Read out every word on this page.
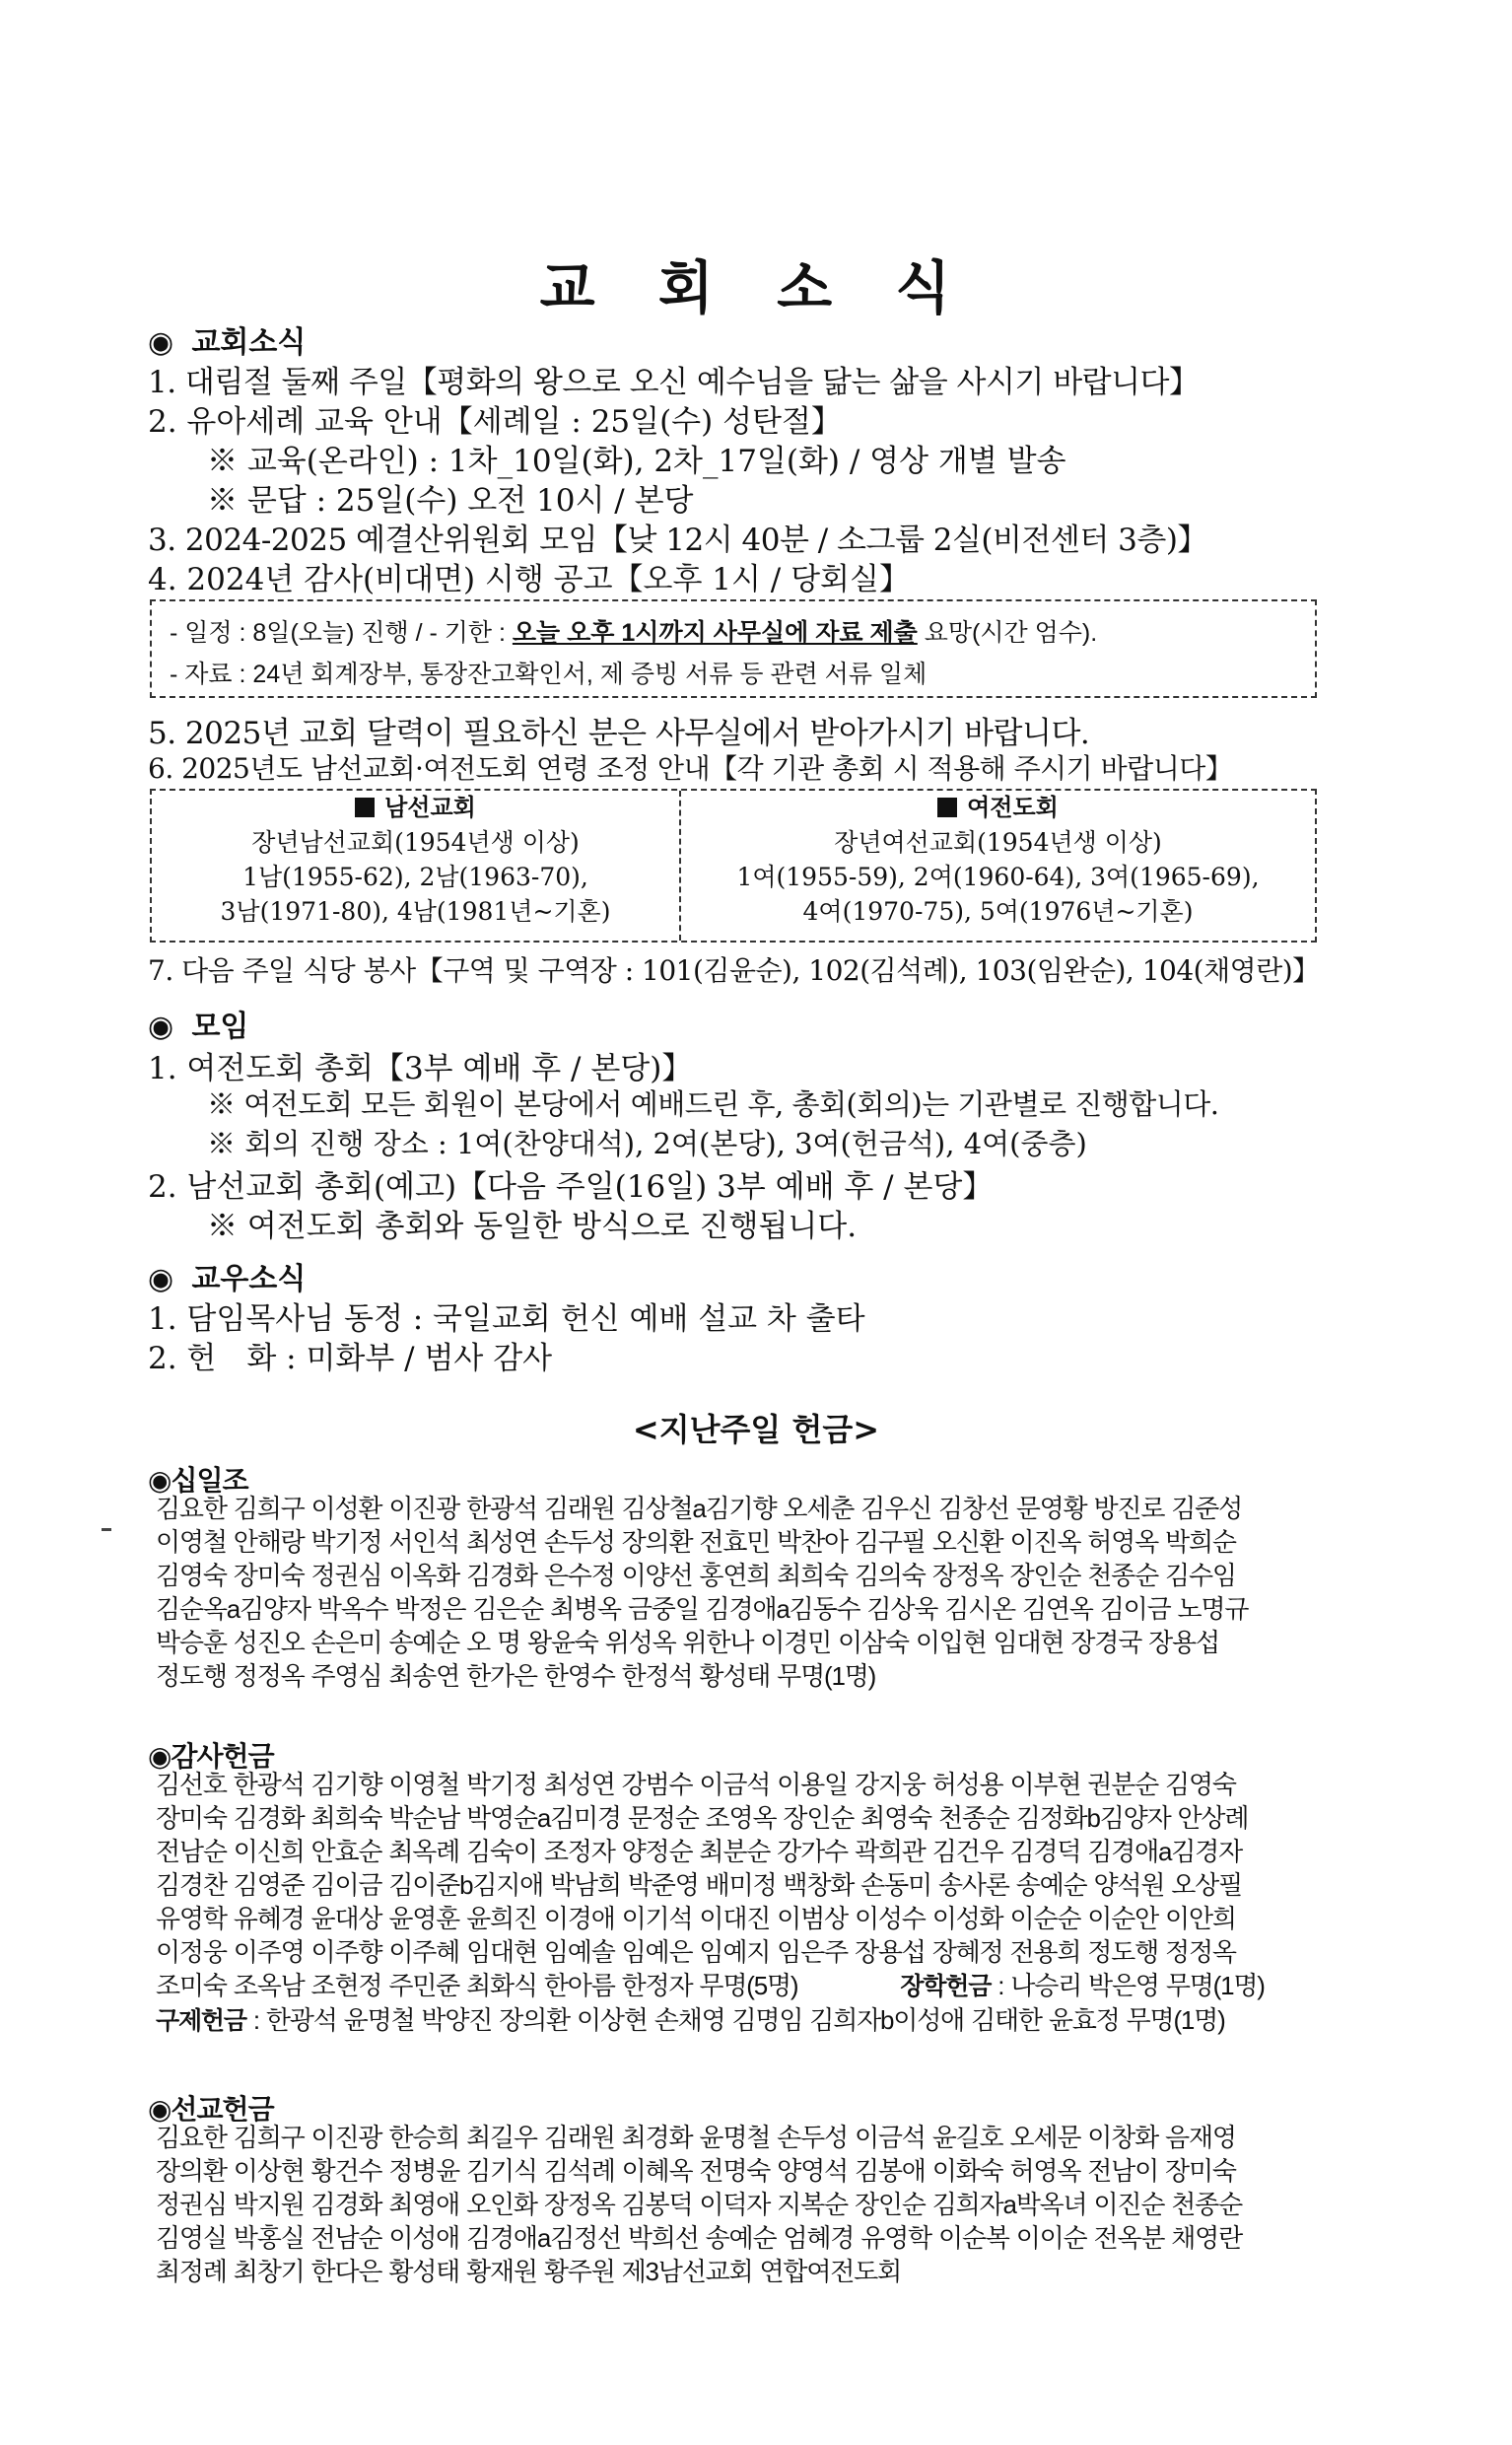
교 회 소 식
◉ 교회소식
1. 대림절 둘째 주일【평화의 왕으로 오신 예수님을 닮는 삶을 사시기 바랍니다】
2. 유아세례 교육 안내【세례일 : 25일(수) 성탄절】
※ 교육(온라인) : 1차_10일(화), 2차_17일(화) / 영상 개별 발송
※ 문답 : 25일(수) 오전 10시 / 본당
3. 2024-2025 예결산위원회 모임【낮 12시 40분 / 소그룹 2실(비전센터 3층)】
4. 2024년 감사(비대면) 시행 공고【오후 1시 / 당회실】
- 일정 : 8일(오늘) 진행 / - 기한 : 오늘 오후 1시까지 사무실에 자료 제출 요망(시간 엄수).
- 자료 : 24년 회계장부, 통장잔고확인서, 제 증빙 서류 등 관련 서류 일체
5. 2025년 교회 달력이 필요하신 분은 사무실에서 받아가시기 바랍니다.
6. 2025년도 남선교회·여전도회 연령 조정 안내【각 기관 총회 시 적용해 주시기 바랍니다】
남선교회
장년남선교회(1954년생 이상)
1남(1955-62), 2남(1963-70),
3남(1971-80), 4남(1981년~기혼)
여전도회
장년여선교회(1954년생 이상)
1여(1955-59), 2여(1960-64), 3여(1965-69),
4여(1970-75), 5여(1976년~기혼)
7. 다음 주일 식당 봉사【구역 및 구역장 : 101(김윤순), 102(김석례), 103(임완순), 104(채영란)】
◉ 모임
1. 여전도회 총회【3부 예배 후 / 본당)】
※ 여전도회 모든 회원이 본당에서 예배드린 후, 총회(회의)는 기관별로 진행합니다.
※ 회의 진행 장소 : 1여(찬양대석), 2여(본당), 3여(헌금석), 4여(중층)
2. 남선교회 총회(예고)【다음 주일(16일) 3부 예배 후 / 본당】
※ 여전도회 총회와 동일한 방식으로 진행됩니다.
◉ 교우소식
1. 담임목사님 동정 : 국일교회 헌신 예배 설교 차 출타
2. 헌　화 : 미화부 / 범사 감사
<지난주일 헌금>
◉십일조
김요한 김희구 이성환 이진광 한광석 김래원 김상철a김기향 오세춘 김우신 김창선 문영황 방진로 김준성
이영철 안해랑 박기정 서인석 최성연 손두성 장의환 전효민 박찬아 김구필 오신환 이진옥 허영옥 박희순
김영숙 장미숙 정권심 이옥화 김경화 은수정 이양선 홍연희 최희숙 김의숙 장정옥 장인순 천종순 김수임
김순옥a김양자 박옥수 박정은 김은순 최병옥 금중일 김경애a김동수 김상욱 김시온 김연옥 김이금 노명규
박승훈 성진오 손은미 송예순 오 명 왕윤숙 위성옥 위한나 이경민 이삼숙 이입현 임대현 장경국 장용섭
정도행 정정옥 주영심 최송연 한가은 한영수 한정석 황성태 무명(1명)
◉감사헌금
김선호 한광석 김기향 이영철 박기정 최성연 강범수 이금석 이용일 강지웅 허성용 이부현 권분순 김영숙
장미숙 김경화 최희숙 박순남 박영순a김미경 문정순 조영옥 장인순 최영숙 천종순 김정화b김양자 안상례
전남순 이신희 안효순 최옥례 김숙이 조정자 양정순 최분순 강가수 곽희관 김건우 김경덕 김경애a김경자
김경찬 김영준 김이금 김이준b김지애 박남희 박준영 배미정 백창화 손동미 송사론 송예순 양석원 오상필
유영학 유혜경 윤대상 윤영훈 윤희진 이경애 이기석 이대진 이범상 이성수 이성화 이순순 이순안 이안희
이정웅 이주영 이주향 이주혜 임대현 임예솔 임예은 임예지 임은주 장용섭 장혜정 전용희 정도행 정정옥
조미숙 조옥남 조현정 주민준 최화식 한아름 한정자 무명(5명)	장학헌금 : 나승리 박은영 무명(1명)
구제헌금 : 한광석 윤명철 박양진 장의환 이상현 손채영 김명임 김희자b이성애 김태한 윤효정 무명(1명)
◉선교헌금
김요한 김희구 이진광 한승희 최길우 김래원 최경화 윤명철 손두성 이금석 윤길호 오세문 이창화 음재영
장의환 이상현 황건수 정병윤 김기식 김석례 이혜옥 전명숙 양영석 김봉애 이화숙 허영옥 전남이 장미숙
정권심 박지원 김경화 최영애 오인화 장정옥 김봉덕 이덕자 지복순 장인순 김희자a박옥녀 이진순 천종순
김영실 박홍실 전남순 이성애 김경애a김정선 박희선 송예순 엄혜경 유영학 이순복 이이순 전옥분 채영란
최정례 최창기 한다은 황성태 황재원 황주원 제3남선교회 연합여전도회
